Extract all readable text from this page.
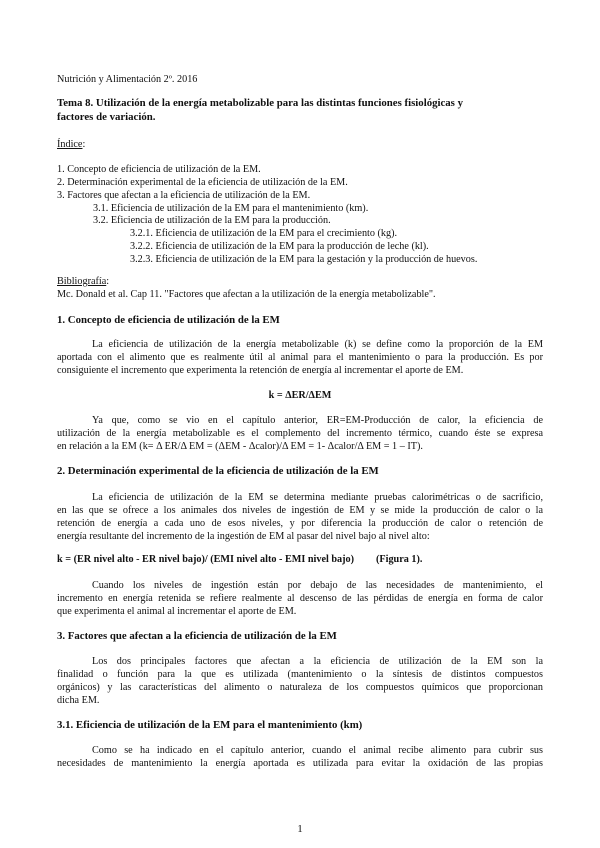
Nutrición y Alimentación 2º. 2016
Tema 8. Utilización de la energía metabolizable para las distintas funciones fisiológicas y
factores de variación.
Índice:
1. Concepto de eficiencia de utilización de la EM.
2. Determinación experimental de la eficiencia de utilización de la EM.
3. Factores que afectan a la eficiencia de utilización de la EM.
3.1. Eficiencia de utilización de la EM para el mantenimiento (km).
3.2. Eficiencia de utilización de la EM para la producción.
3.2.1. Eficiencia de utilización de la EM para el crecimiento (kg).
3.2.2. Eficiencia de utilización de la EM para la producción de leche (kl).
3.2.3. Eficiencia de utilización de la EM para la gestación y la producción de huevos.
Bibliografía:
Mc. Donald et al. Cap 11. "Factores que afectan a la utilización de la energía metabolizable".
1. Concepto de eficiencia de utilización de la EM
La eficiencia de utilización de la energía metabolizable (k) se define como la proporción de la EM
aportada con el alimento que es realmente útil al animal para el mantenimiento o para la producción. Es por
consiguiente el incremento que experimenta la retención de energía al incrementar el aporte de EM.
k = ΔER/ΔEM
Ya que, como se vio en el capítulo anterior, ER=EM-Producción de calor, la eficiencia de
utilización de la energía metabolizable es el complemento del incremento térmico, cuando éste se expresa
en relación a la EM (k= Δ ER/Δ EM = (ΔEM - Δcalor)/Δ EM = 1- Δcalor/Δ EM = 1 – IT).
2. Determinación experimental de la eficiencia de utilización de la EM
La eficiencia de utilización de la EM se determina mediante pruebas calorimétricas o de sacrificio,
en las que se ofrece a los animales dos niveles de ingestión de EM y se mide la producción de calor o la
retención de energía a cada uno de esos niveles, y por diferencia la producción de calor o retención de
energía resultante del incremento de la ingestión de EM al pasar del nivel bajo al nivel alto:
k = (ER nivel alto - ER nivel bajo)/ (EMI nivel alto - EMI nivel bajo) (Figura 1).
Cuando los niveles de ingestión están por debajo de las necesidades de mantenimiento, el
incremento en energía retenida se refiere realmente al descenso de las pérdidas de energía en forma de calor
que experimenta el animal al incrementar el aporte de EM.
3. Factores que afectan a la eficiencia de utilización de la EM
Los dos principales factores que afectan a la eficiencia de utilización de la EM son la
finalidad o función para la que es utilizada (mantenimiento o la síntesis de distintos compuestos
orgánicos) y las características del alimento o naturaleza de los compuestos químicos que proporcionan
dicha EM.
3.1. Eficiencia de utilización de la EM para el mantenimiento (km)
Como se ha indicado en el capítulo anterior, cuando el animal recibe alimento para cubrir sus
necesidades de mantenimiento la energía aportada es utilizada para evitar la oxidación de las propias
1
